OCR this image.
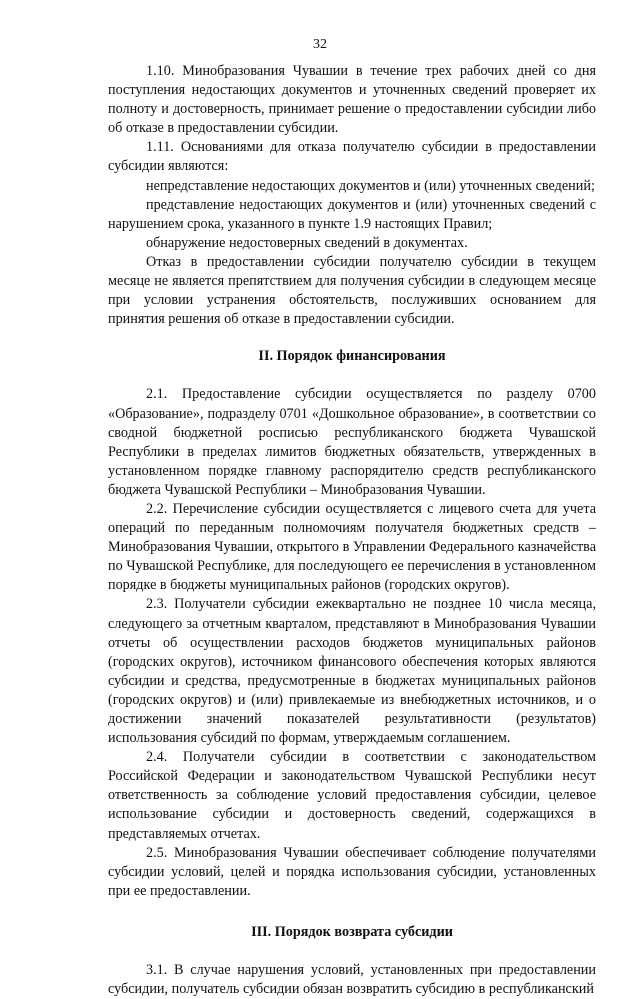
32

1.10. Минобразования Чувашии в течение трех рабочих дней со дня поступления недостающих документов и уточненных сведений проверяет их полноту и достоверность, принимает решение о предоставлении субсидии либо об отказе в предоставлении субсидии.

1.11. Основаниями для отказа получателю субсидии в предоставлении субсидии являются:

непредставление недостающих документов и (или) уточненных сведений;

представление недостающих документов и (или) уточненных сведений с нарушением срока, указанного в пункте 1.9 настоящих Правил;

обнаружение недостоверных сведений в документах.

Отказ в предоставлении субсидии получателю субсидии в текущем месяце не является препятствием для получения субсидии в следующем месяце при условии устранения обстоятельств, послуживших основанием для принятия решения об отказе в предоставлении субсидии.

II. Порядок финансирования

2.1. Предоставление субсидии осуществляется по разделу 0700 «Образование», подразделу 0701 «Дошкольное образование», в соответствии со сводной бюджетной росписью республиканского бюджета Чувашской Республики в пределах лимитов бюджетных обязательств, утвержденных в установленном порядке главному распорядителю средств республиканского бюджета Чувашской Республики – Минобразования Чувашии.

2.2. Перечисление субсидии осуществляется с лицевого счета для учета операций по переданным полномочиям получателя бюджетных средств – Минобразования Чувашии, открытого в Управлении Федерального казначейства по Чувашской Республике, для последующего ее перечисления в установленном порядке в бюджеты муниципальных районов (городских округов).

2.3. Получатели субсидии ежеквартально не позднее 10 числа месяца, следующего за отчетным кварталом, представляют в Минобразования Чувашии отчеты об осуществлении расходов бюджетов муниципальных районов (городских округов), источником финансового обеспечения которых являются субсидии и средства, предусмотренные в бюджетах муниципальных районов (городских округов) и (или) привлекаемые из внебюджетных источников, и о достижении значений показателей результативности (результатов) использования субсидий по формам, утверждаемым соглашением.

2.4. Получатели субсидии в соответствии с законодательством Российской Федерации и законодательством Чувашской Республики несут ответственность за соблюдение условий предоставления субсидии, целевое использование субсидии и достоверность сведений, содержащихся в представляемых отчетах.

2.5. Минобразования Чувашии обеспечивает соблюдение получателями субсидии условий, целей и порядка использования субсидии, установленных при ее предоставлении.

III. Порядок возврата субсидии

3.1. В случае нарушения условий, установленных при предоставлении субсидии, получатель субсидии обязан возвратить субсидию в республиканский
